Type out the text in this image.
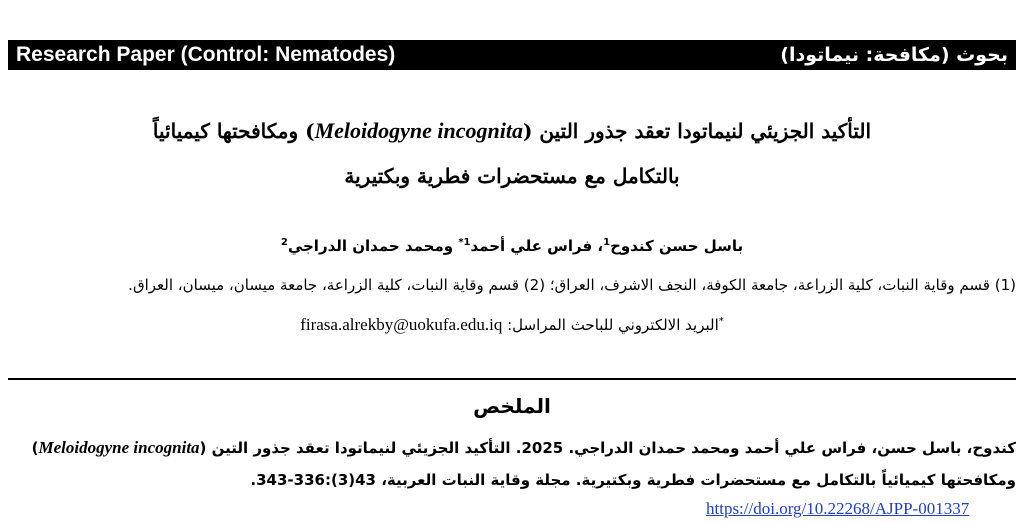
Research Paper (Control: Nematodes)	بحوث (مكافحة: نيماتودا)
التأكيد الجزيئي لنيماتودا تعقد جذور التين (Meloidogyne incognita) ومكافحتها كيميائياً
بالتكامل مع مستحضرات فطرية وبكتيرية
باسل حسن كندوح$^1$، فراس علي أحمد$^{1*}$ ومحمد حمدان الدراجي$^2$
(1) قسم وقاية النبات، كلية الزراعة، جامعة الكوفة، النجف الاشرف، العراق؛ (2) قسم وقاية النبات، كلية الزراعة، جامعة ميسان، ميسان، العراق.
*البريد الالكتروني للباحث المراسل: firasa.alrekby@uokufa.edu.iq
الملخص
كندوح، باسل حسن، فراس علي أحمد ومحمد حمدان الدراجي. 2025. التأكيد الجزيئي لنيماتودا تعقد جذور التين (Meloidogyne incognita)
ومكافحتها كيميائياً بالتكامل مع مستحضرات فطرية وبكتيرية. مجلة وقاية النبات العربية، 43(3):336-343.
https://doi.org/10.22268/AJPP-001337
